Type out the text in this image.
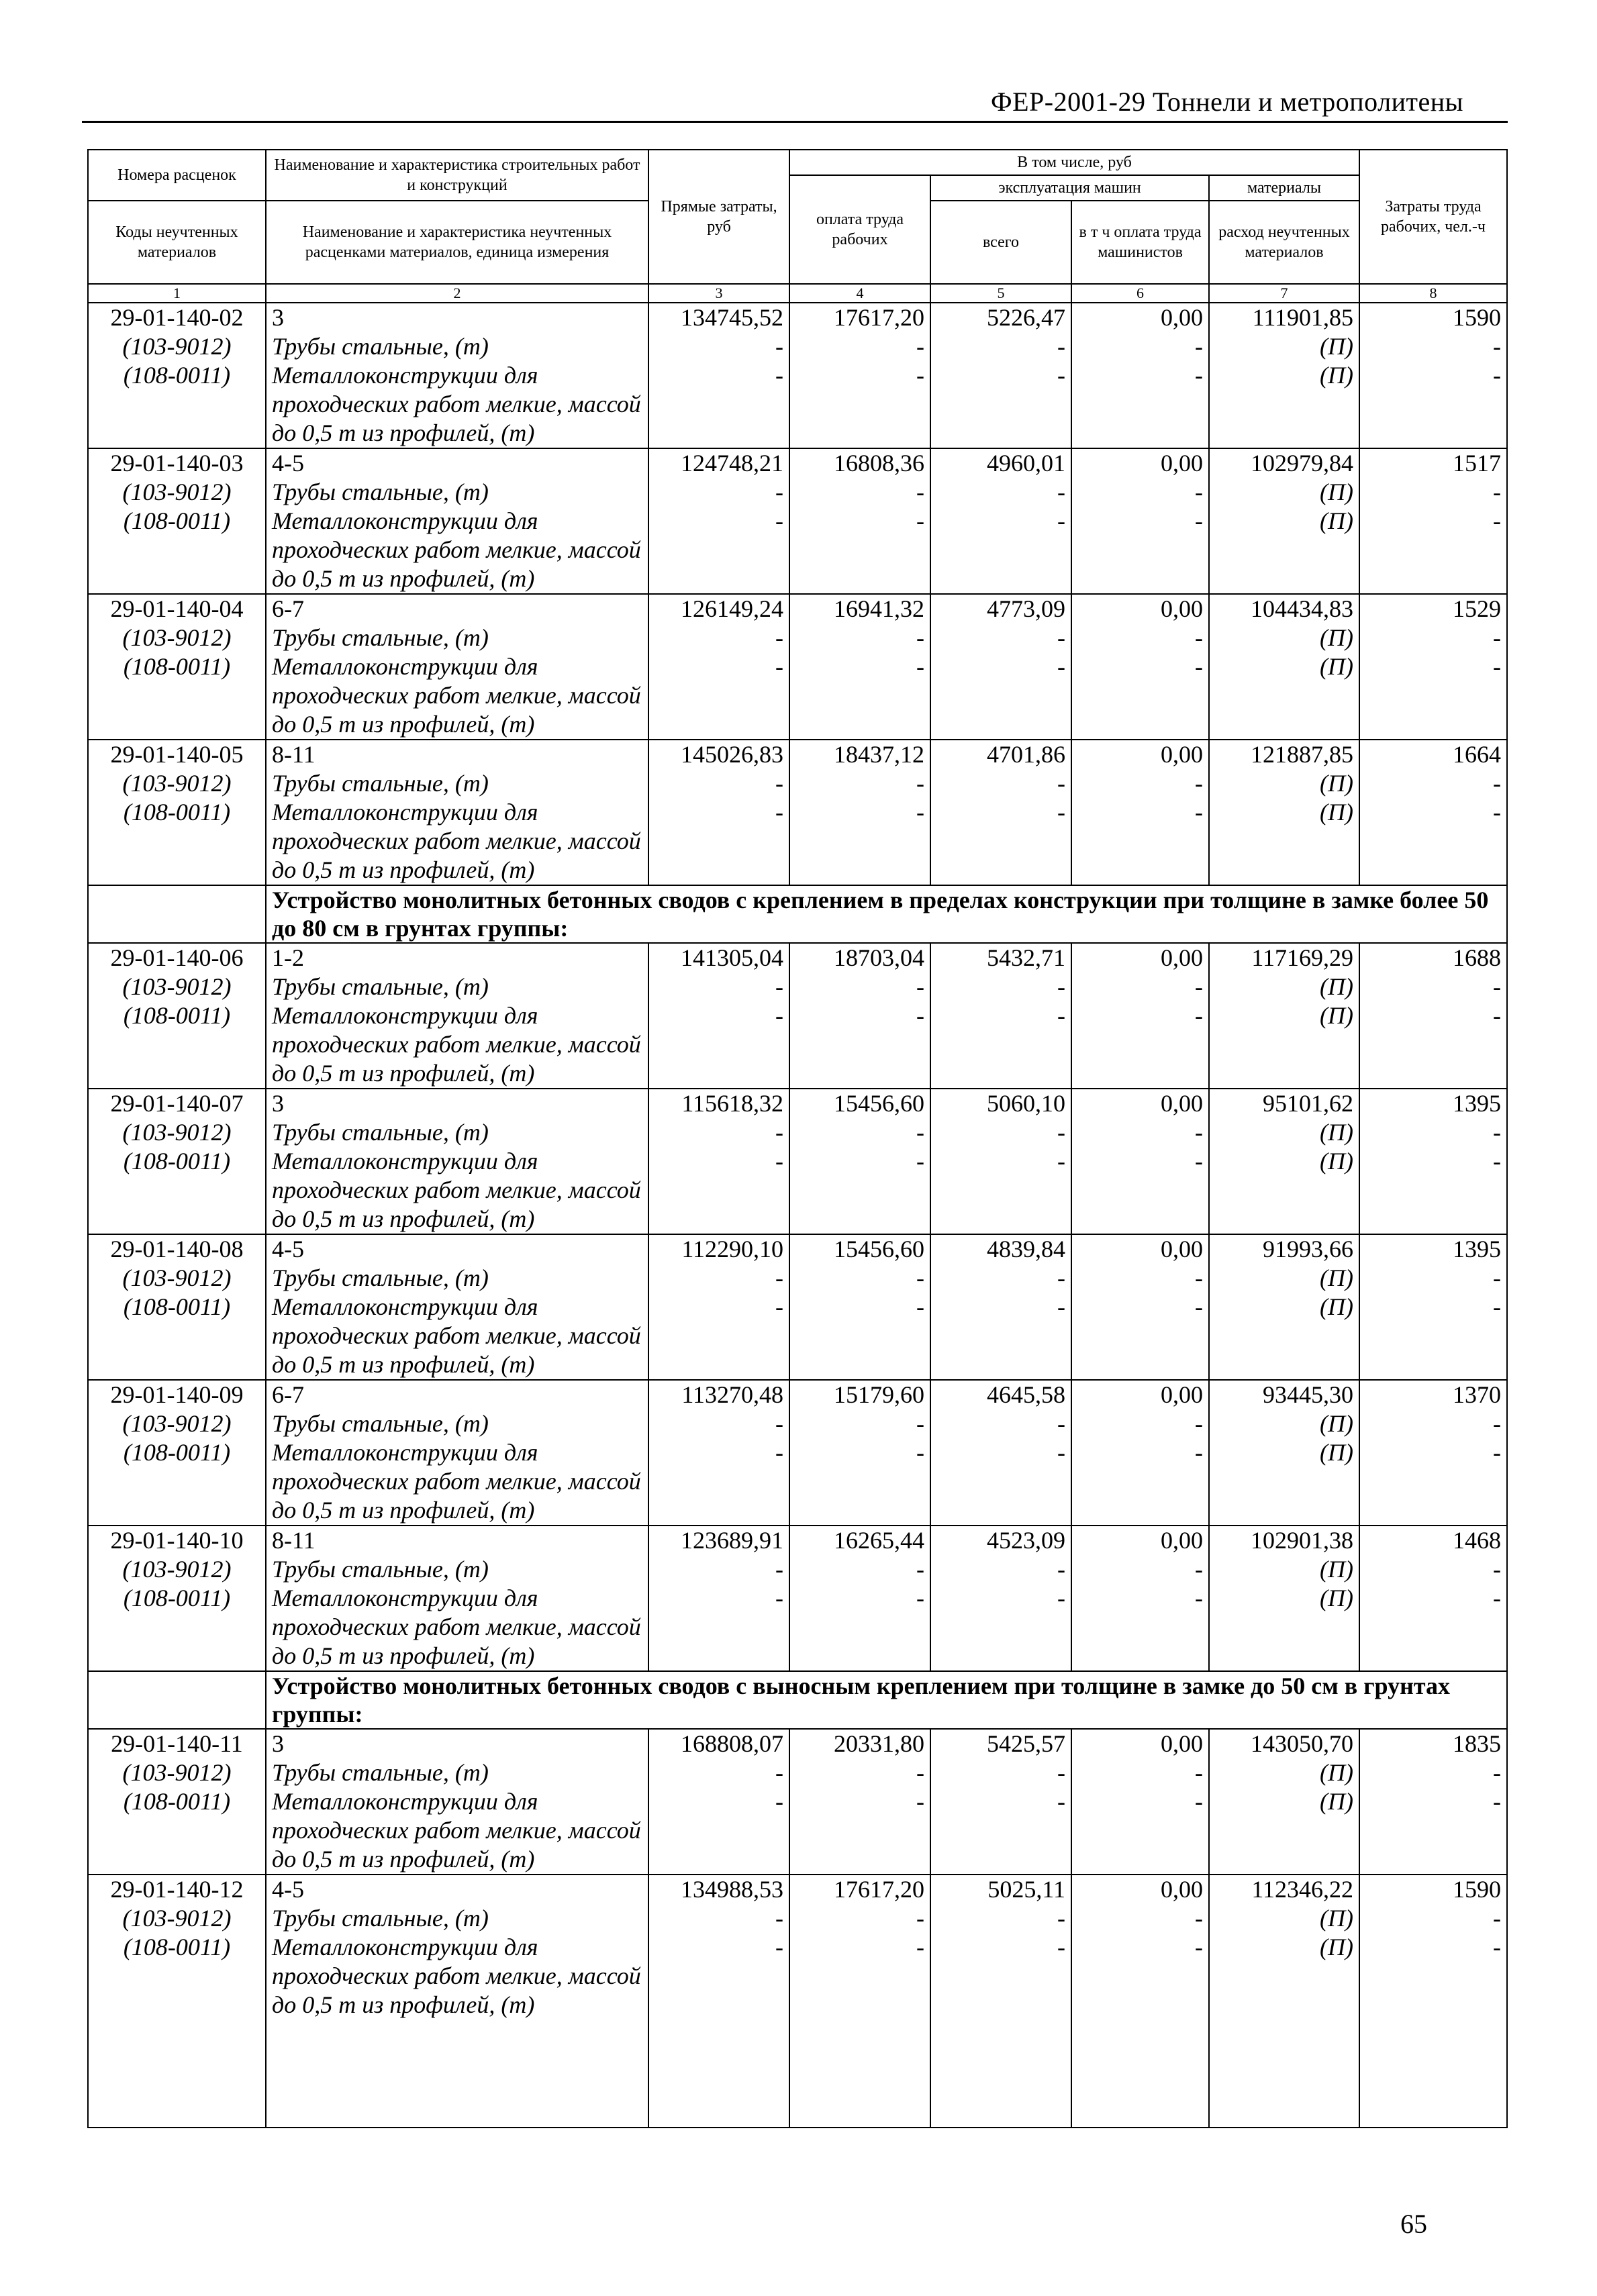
ФЕР-2001-29 Тоннели и метрополитены
Номера расценок	Наименование и характеристика строительных работ и конструкций	Прямые затраты, руб	В том числе, руб				Затраты труда рабочих, чел.-ч
			оплата труда рабочих	эксплуатация машин		материалы	
Коды неучтенных материалов	Наименование и характеристика неучтенных расценками материалов, единица измерения			всего	в т ч оплата труда машинистов	расход неучтенных материалов	

1	2	3	4	5	6	7	8
29-01-140-02	3	134745,52	17617,20	5226,47	0,00	111901,85	1590
(103-9012)	Трубы стальные, (т)	-	-	-	-	(П)	-
(108-0011)	Металлоконструкции для проходческих работ мелкие, массой до 0,5 т из профилей, (т)	-	-	-	-	(П)	-
29-01-140-03	4-5	124748,21	16808,36	4960,01	0,00	102979,84	1517
(103-9012)	Трубы стальные, (т)	-	-	-	-	(П)	-
(108-0011)	Металлоконструкции для проходческих работ мелкие, массой до 0,5 т из профилей, (т)	-	-	-	-	(П)	-
29-01-140-04	6-7	126149,24	16941,32	4773,09	0,00	104434,83	1529
(103-9012)	Трубы стальные, (т)	-	-	-	-	(П)	-
(108-0011)	Металлоконструкции для проходческих работ мелкие, массой до 0,5 т из профилей, (т)	-	-	-	-	(П)	-
29-01-140-05	8-11	145026,83	18437,12	4701,86	0,00	121887,85	1664
(103-9012)	Трубы стальные, (т)	-	-	-	-	(П)	-
(108-0011)	Металлоконструкции для проходческих работ мелкие, массой до 0,5 т из профилей, (т)	-	-	-	-	(П)	-
	Устройство монолитных бетонных сводов с креплением в пределах конструкции при толщине в замке более 50 до 80 см в грунтах группы:						
29-01-140-06	1-2	141305,04	18703,04	5432,71	0,00	117169,29	1688
(103-9012)	Трубы стальные, (т)	-	-	-	-	(П)	-
(108-0011)	Металлоконструкции для проходческих работ мелкие, массой до 0,5 т из профилей, (т)	-	-	-	-	(П)	-
29-01-140-07	3	115618,32	15456,60	5060,10	0,00	95101,62	1395
(103-9012)	Трубы стальные, (т)	-	-	-	-	(П)	-
(108-0011)	Металлоконструкции для проходческих работ мелкие, массой до 0,5 т из профилей, (т)	-	-	-	-	(П)	-
29-01-140-08	4-5	112290,10	15456,60	4839,84	0,00	91993,66	1395
(103-9012)	Трубы стальные, (т)	-	-	-	-	(П)	-
(108-0011)	Металлоконструкции для проходческих работ мелкие, массой до 0,5 т из профилей, (т)	-	-	-	-	(П)	-
29-01-140-09	6-7	113270,48	15179,60	4645,58	0,00	93445,30	1370
(103-9012)	Трубы стальные, (т)	-	-	-	-	(П)	-
(108-0011)	Металлоконструкции для проходческих работ мелкие, массой до 0,5 т из профилей, (т)	-	-	-	-	(П)	-
29-01-140-10	8-11	123689,91	16265,44	4523,09	0,00	102901,38	1468
(103-9012)	Трубы стальные, (т)	-	-	-	-	(П)	-
(108-0011)	Металлоконструкции для проходческих работ мелкие, массой до 0,5 т из профилей, (т)	-	-	-	-	(П)	-
	Устройство монолитных бетонных сводов с выносным креплением при толщине в замке до 50 см в грунтах группы:						
29-01-140-11	3	168808,07	20331,80	5425,57	0,00	143050,70	1835
(103-9012)	Трубы стальные, (т)	-	-	-	-	(П)	-
(108-0011)	Металлоконструкции для проходческих работ мелкие, массой до 0,5 т из профилей, (т)	-	-	-	-	(П)	-
29-01-140-12	4-5	134988,53	17617,20	5025,11	0,00	112346,22	1590
(103-9012)	Трубы стальные, (т)	-	-	-	-	(П)	-
(108-0011)	Металлоконструкции для проходческих работ мелкие, массой до 0,5 т из профилей, (т)	-	-	-	-	(П)	-

65
